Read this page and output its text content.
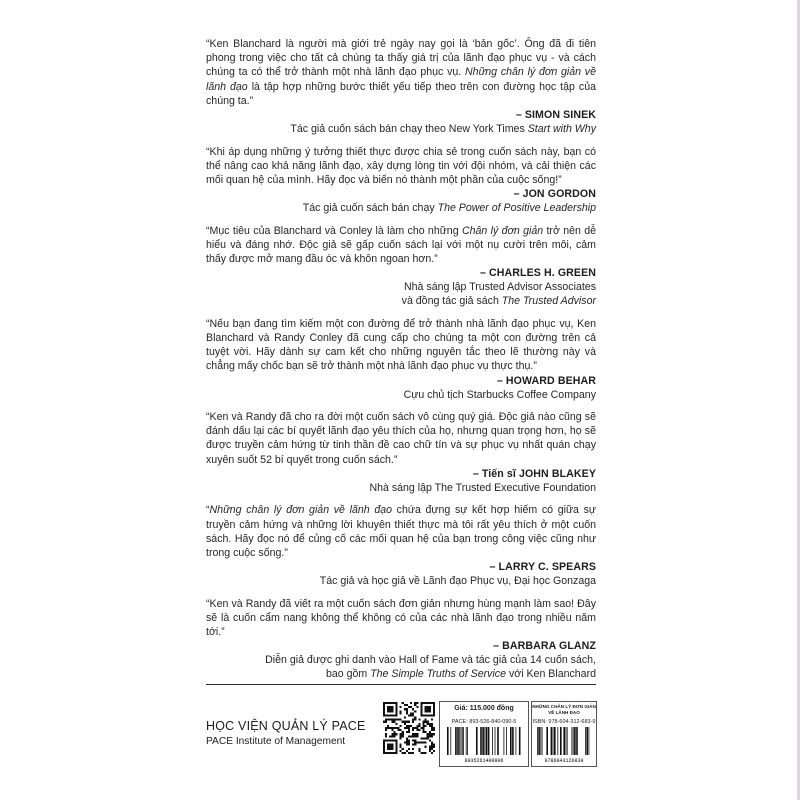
“Ken Blanchard là người mà giới trẻ ngày nay gọi là ‘bản gốc’. Ông đã đi tiên phong trong việc cho tất cả chúng ta thấy giá trị của lãnh đạo phục vụ - và cách chúng ta có thể trở thành một nhà lãnh đạo phục vụ. Những chân lý đơn giản về lãnh đạo là tập hợp những bước thiết yếu tiếp theo trên con đường học tập của chúng ta.”

– SIMON SINEK

Tác giả cuốn sách bán chạy theo New York Times Start with Why

“Khi áp dụng những ý tưởng thiết thực được chia sẻ trong cuốn sách này, bạn có thể nâng cao khả năng lãnh đạo, xây dựng lòng tin với đội nhóm, và cải thiện các mối quan hệ của mình. Hãy đọc và biến nó thành một phần của cuộc sống!”

– JON GORDON

Tác giả cuốn sách bán chạy The Power of Positive Leadership

“Mục tiêu của Blanchard và Conley là làm cho những Chân lý đơn giản trở nên dễ hiểu và đáng nhớ. Độc giả sẽ gấp cuốn sách lại với một nụ cười trên môi, cảm thấy được mở mang đầu óc và khôn ngoan hơn.”

– CHARLES H. GREEN

Nhà sáng lập Trusted Advisor Associates

và đồng tác giả sách The Trusted Advisor

“Nếu bạn đang tìm kiếm một con đường để trở thành nhà lãnh đạo phục vụ, Ken Blanchard và Randy Conley đã cung cấp cho chúng ta một con đường trên cả tuyệt vời. Hãy dành sự cam kết cho những nguyên tắc theo lẽ thường này và chẳng mấy chốc bạn sẽ trở thành một nhà lãnh đạo phục vụ thực thụ.”

– HOWARD BEHAR

Cựu chủ tịch Starbucks Coffee Company

“Ken và Randy đã cho ra đời một cuốn sách vô cùng quý giá. Độc giả nào cũng sẽ đánh dấu lại các bí quyết lãnh đạo yêu thích của họ, nhưng quan trọng hơn, họ sẽ được truyền cảm hứng từ tinh thần đề cao chữ tín và sự phục vụ nhất quán chạy xuyên suốt 52 bí quyết trong cuốn sách.”

– Tiến sĩ JOHN BLAKEY

Nhà sáng lập The Trusted Executive Foundation

“Những chân lý đơn giản về lãnh đạo chứa đựng sự kết hợp hiếm có giữa sự truyền cảm hứng và những lời khuyên thiết thực mà tôi rất yêu thích ở một cuốn sách. Hãy đọc nó để củng cố các mối quan hệ của bạn trong công việc cũng như trong cuộc sống.”

– LARRY C. SPEARS

Tác giả và học giả về Lãnh đạo Phục vụ, Đại học Gonzaga

“Ken và Randy đã viết ra một cuốn sách đơn giản nhưng hùng mạnh làm sao! Đây sẽ là cuốn cẩm nang không thể không có của các nhà lãnh đạo trong nhiều năm tới.”

– BARBARA GLANZ

Diễn giả được ghi danh vào Hall of Fame và tác giả của 14 cuốn sách,

bao gồm The Simple Truths of Service với Ken Blanchard

HỌC VIỆN QUẢN LÝ PACE
PACE Institute of Management
Giá: 115.000 đồng
PACE: 893-526-840-090-5
8935261400906
NHỮNG CHÂN LÝ ĐƠN GIẢN VỀ LÃNH ĐẠO
ISBN: 978-604-312-683-9
9786043126839
